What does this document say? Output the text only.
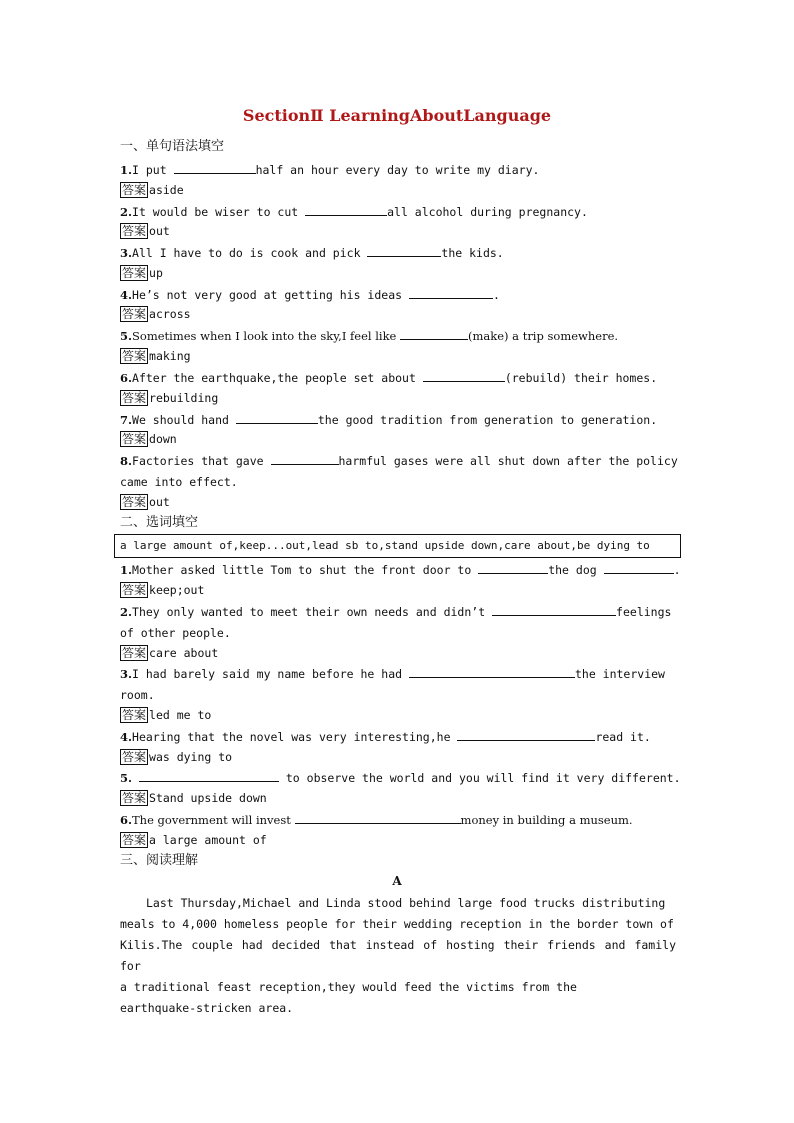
SectionⅡ LearningAboutLanguage
一、单句语法填空
1.I put	half an hour every day to write my diary.
答案 aside
2.It would be wiser to cut	all alcohol during pregnancy.
答案 out
3.All I have to do is cook and pick	the kids.
答案 up
4.He’s not very good at getting his ideas	.
答案 across
5.Sometimes when I look into the sky,I feel like	(make) a trip somewhere.
答案 making
6.After the earthquake,the people set about	(rebuild) their homes.
答案 rebuilding
7.We should hand	the good tradition from generation to generation.
答案 down
8.Factories that gave	harmful gases were all shut down after the policy
came into effect.
答案 out
二、选词填空
a large amount of,keep...out,lead sb to,stand upside down,care about,be dying to
1.Mother asked little Tom to shut the front door to	the dog	.
答案 keep;out
2.They only wanted to meet their own needs and didn’t	feelings
of other people.
答案 care about
3.I had barely said my name before he had	the interview
room.
答案 led me to
4.Hearing that the novel was very interesting,he	read it.
答案 was dying to
5.	to observe the world and you will find it very different.
答案 Stand upside down
6.The government will invest	money in building a museum.
答案 a large amount of
三、阅读理解
A
Last Thursday,Michael and Linda stood behind large food trucks distributing
meals to 4,000 homeless people for their wedding reception in the border town of
Kilis.The couple had decided that instead of hosting their friends and family for
a traditional feast reception,they would feed the victims from the
earthquake-stricken area.
